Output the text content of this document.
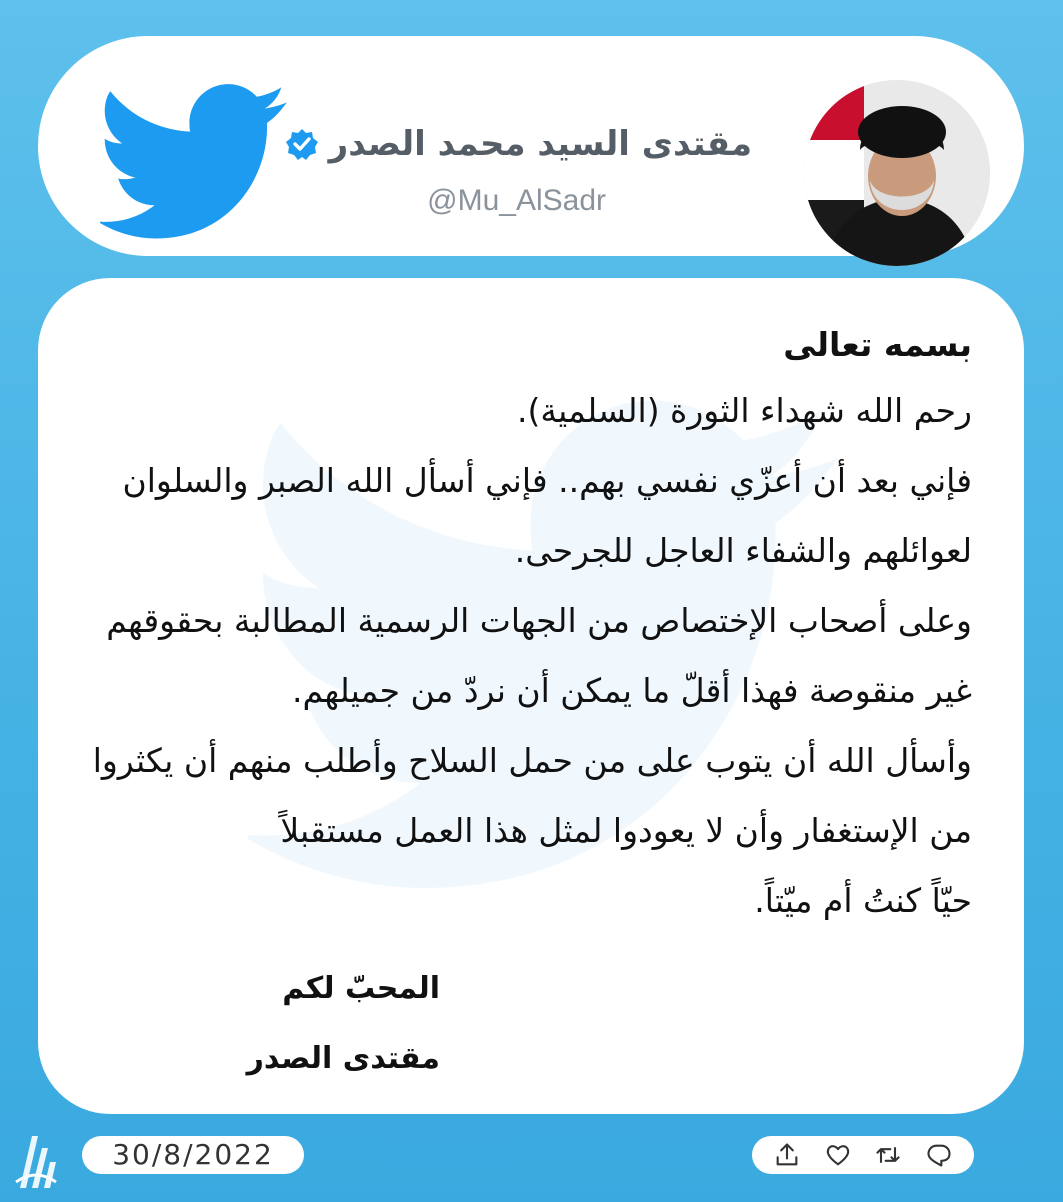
مقتدى السيد محمد الصدر
@Mu_AlSadr
بسمه تعالى
رحم الله شهداء الثورة (السلمية).
فإني بعد أن أعزّي نفسي بهم.. فإني أسأل الله الصبر والسلوان
لعوائلهم والشفاء العاجل للجرحى.
وعلى أصحاب الإختصاص من الجهات الرسمية المطالبة بحقوقهم
غير منقوصة فهذا أقلّ ما يمكن أن نردّ من جميلهم.
وأسأل الله أن يتوب على من حمل السلاح وأطلب منهم أن يكثروا
من الإستغفار وأن لا يعودوا لمثل هذا العمل مستقبلاً
حيّاً كنتُ أم ميّتاً.
المحبّ لكم
مقتدى الصدر
30/8/2022
